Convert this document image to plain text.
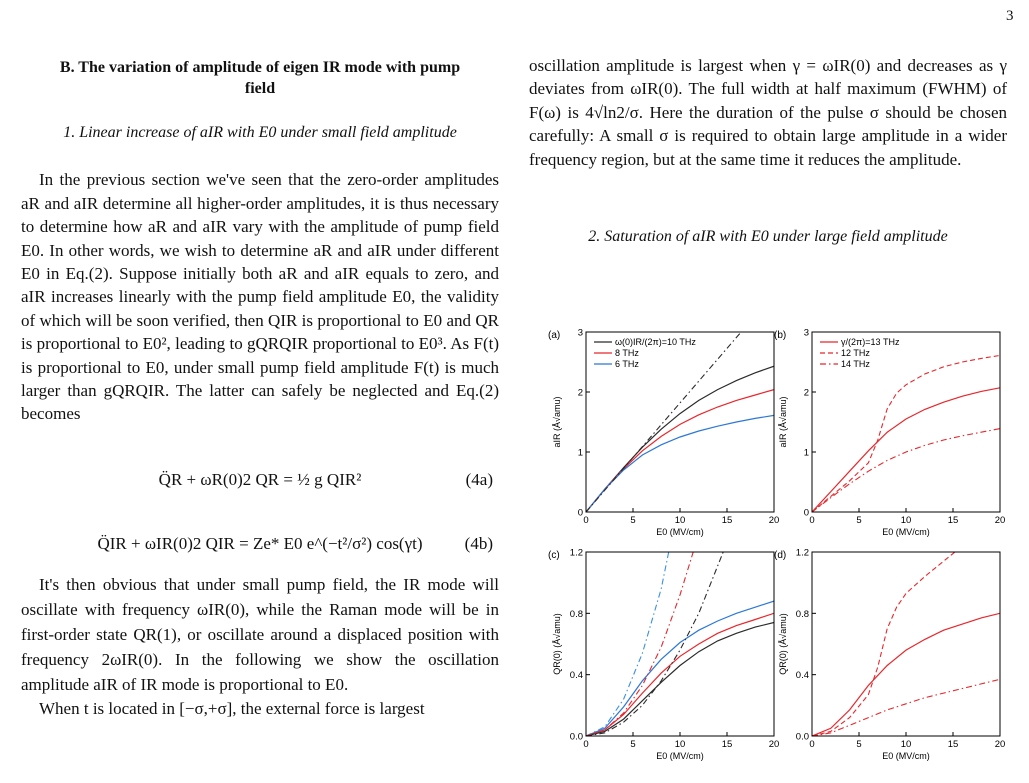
3
B. The variation of amplitude of eigen IR mode with pump
field
1. Linear increase of aIR with E0 under small field amplitude

In the previous section we've seen that the zero-order amplitudes aR and aIR determine all higher-order amplitudes, it is thus necessary to determine how aR and aIR vary with the amplitude of pump field E0. In other words, we wish to determine aR and aIR under different E0 in Eq.(2). Suppose initially both aR and aIR equals to zero, and aIR increases linearly with the pump field amplitude E0, the validity of which will be soon verified, then QIR is proportional to E0 and QR is proportional to E0², leading to gQRQIR proportional to E0³. As F(t) is proportional to E0, under small pump field amplitude F(t) is much larger than gQRQIR. The latter can safely be neglected and Eq.(2) becomes

Q̈R + ωR(0)2 QR = ½ g QIR²	(4a)
Q̈IR + ωIR(0)2 QIR = Ze* E0 e^(−t²/σ²) cos(γt)	(4b)

It's then obvious that under small pump field, the IR mode will oscillate with frequency ωIR(0), while the Raman mode will be in first-order state QR(1), or oscillate around a displaced position with frequency 2ωIR(0). In the following we show the oscillation amplitude aIR of IR mode is proportional to E0.

When t is located in [−σ,+σ], the external force is largest

oscillation amplitude is largest when γ = ωIR(0) and decreases as γ deviates from ωIR(0). The full width at half maximum (FWHM) of F(ω) is 4√ln2/σ. Here the duration of the pulse σ should be chosen carefully: A small σ is required to obtain large amplitude in a wider frequency region, but at the same time it reduces the amplitude.

2. Saturation of aIR with E0 under large field amplitude
0	5	10	15	20
0
1
2
3
E0 (MV/cm)
aIR (Å√amu)
(a)
ω(0)IR/(2π)=10 THz
8 THz
6 THz
0	5	10	15	20
0
1
2
3
E0 (MV/cm)
aIR (Å√amu)
(b)
γ/(2π)=13 THz
12 THz
14 THz
0	5	10	15	20
0.0
0.4
0.8
1.2
E0 (MV/cm)
QR(0) (Å√amu)
(c)
0	5	10	15	20
0.0
0.4
0.8
1.2
E0 (MV/cm)
QR(0) (Å√amu)
(d)
